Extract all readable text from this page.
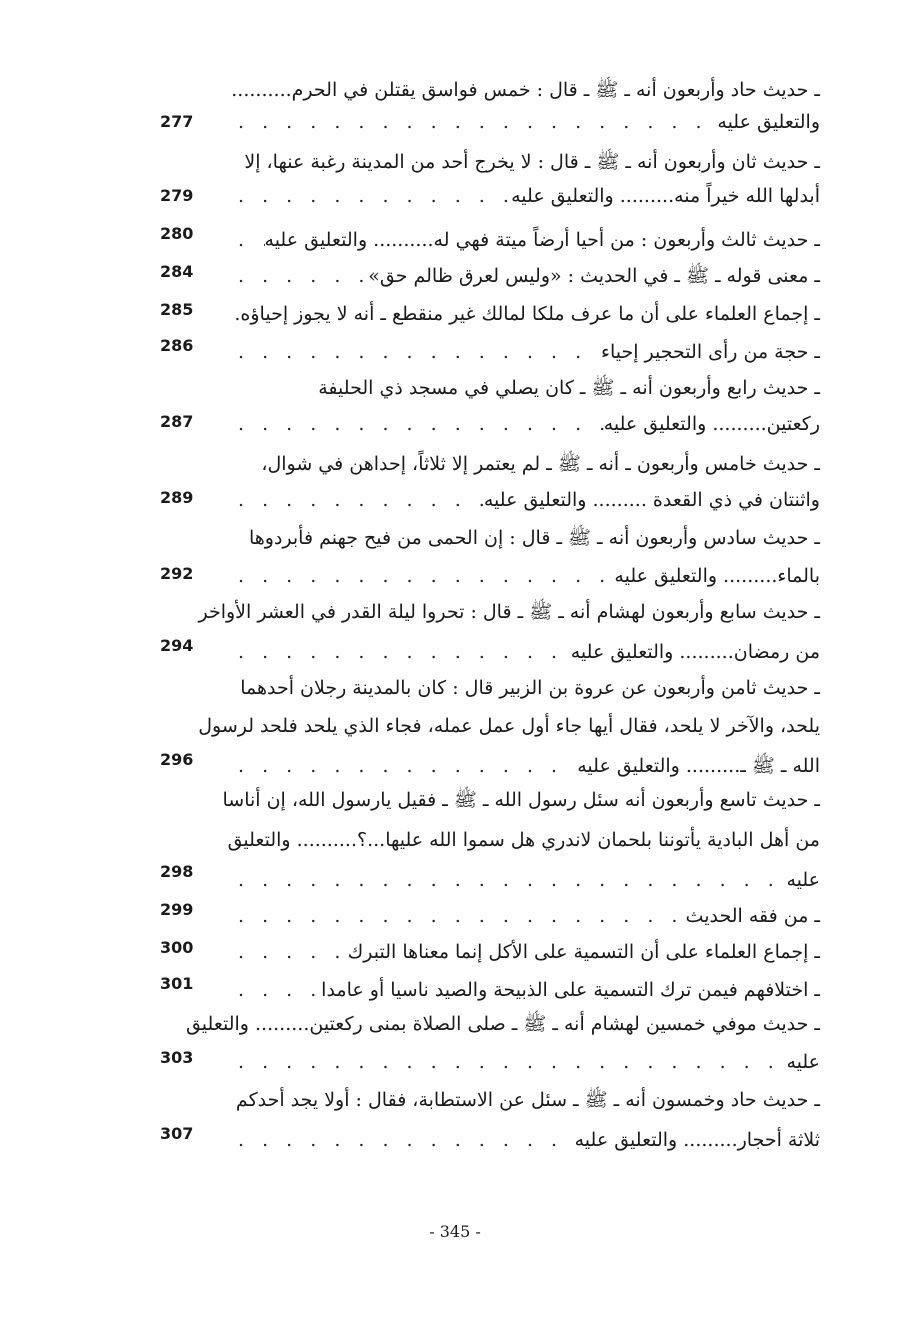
ـ حديث حاد وأربعون أنه ـ ﷺ ـ قال : خمس فواسق يقتلن في الحرم..........
والتعليق عليه
. . .
277
ـ حديث ثان وأربعون أنه ـ ﷺ ـ قال : لا يخرج أحد من المدينة رغبة عنها، إلا
أبدلها الله خيراً منه......... والتعليق عليه
. . .
279
ـ حديث ثالث وأربعون : من أحيا أرضاً ميتة فهي له.......... والتعليق عليه
. . .
280
ـ معنى قوله ـ ﷺ ـ في الحديث : «وليس لعرق ظالم حق»
. . .
284
ـ إجماع العلماء على أن ما عرف ملكا لمالك غير منقطع ـ أنه لا يجوز إحياؤه
. . .
285
ـ حجة من رأى التحجير إحياء
. . .
286
ـ حديث رابع وأربعون أنه ـ ﷺ ـ كان يصلي في مسجد ذي الحليفة
ركعتين......... والتعليق عليه
. . .
287
ـ حديث خامس وأربعون ـ أنه ـ ﷺ ـ لم يعتمر إلا ثلاثاً، إحداهن في شوال،
واثنتان في ذي القعدة ......... والتعليق عليه
. . .
289
ـ حديث سادس وأربعون أنه ـ ﷺ ـ قال : إن الحمى من فيح جهنم فأبردوها
بالماء......... والتعليق عليه
. . .
292
ـ حديث سابع وأربعون لهشام أنه ـ ﷺ ـ قال : تحروا ليلة القدر في العشر الأواخر
من رمضان......... والتعليق عليه
. . .
294
ـ حديث ثامن وأربعون عن عروة بن الزبير قال : كان بالمدينة رجلان أحدهما
يلحد، والآخر لا يلحد، فقال أيها جاء أول عمل عمله، فجاء الذي يلحد فلحد لرسول
الله ـ ﷺ ـ......... والتعليق عليه
. . .
296
ـ حديث تاسع وأربعون أنه سئل رسول الله ـ ﷺ ـ فقيل يارسول الله، إن أناسا
من أهل البادية يأتوننا بلحمان لاندري هل سموا الله عليها...؟.......... والتعليق
عليه
. . .
298
ـ من فقه الحديث
. . .
299
ـ إجماع العلماء على أن التسمية على الأكل إنما معناها التبرك
. . .
300
ـ اختلافهم فيمن ترك التسمية على الذبيحة والصيد ناسيا أو عامدا
. . .
301
ـ حديث موفي خمسين لهشام أنه ـ ﷺ ـ صلى الصلاة بمنى ركعتين......... والتعليق
عليه
. . .
303
ـ حديث حاد وخمسون أنه ـ ﷺ ـ سئل عن الاستطابة، فقال : أولا يجد أحدكم
ثلاثة أحجار......... والتعليق عليه
. . .
307
- 345 -
